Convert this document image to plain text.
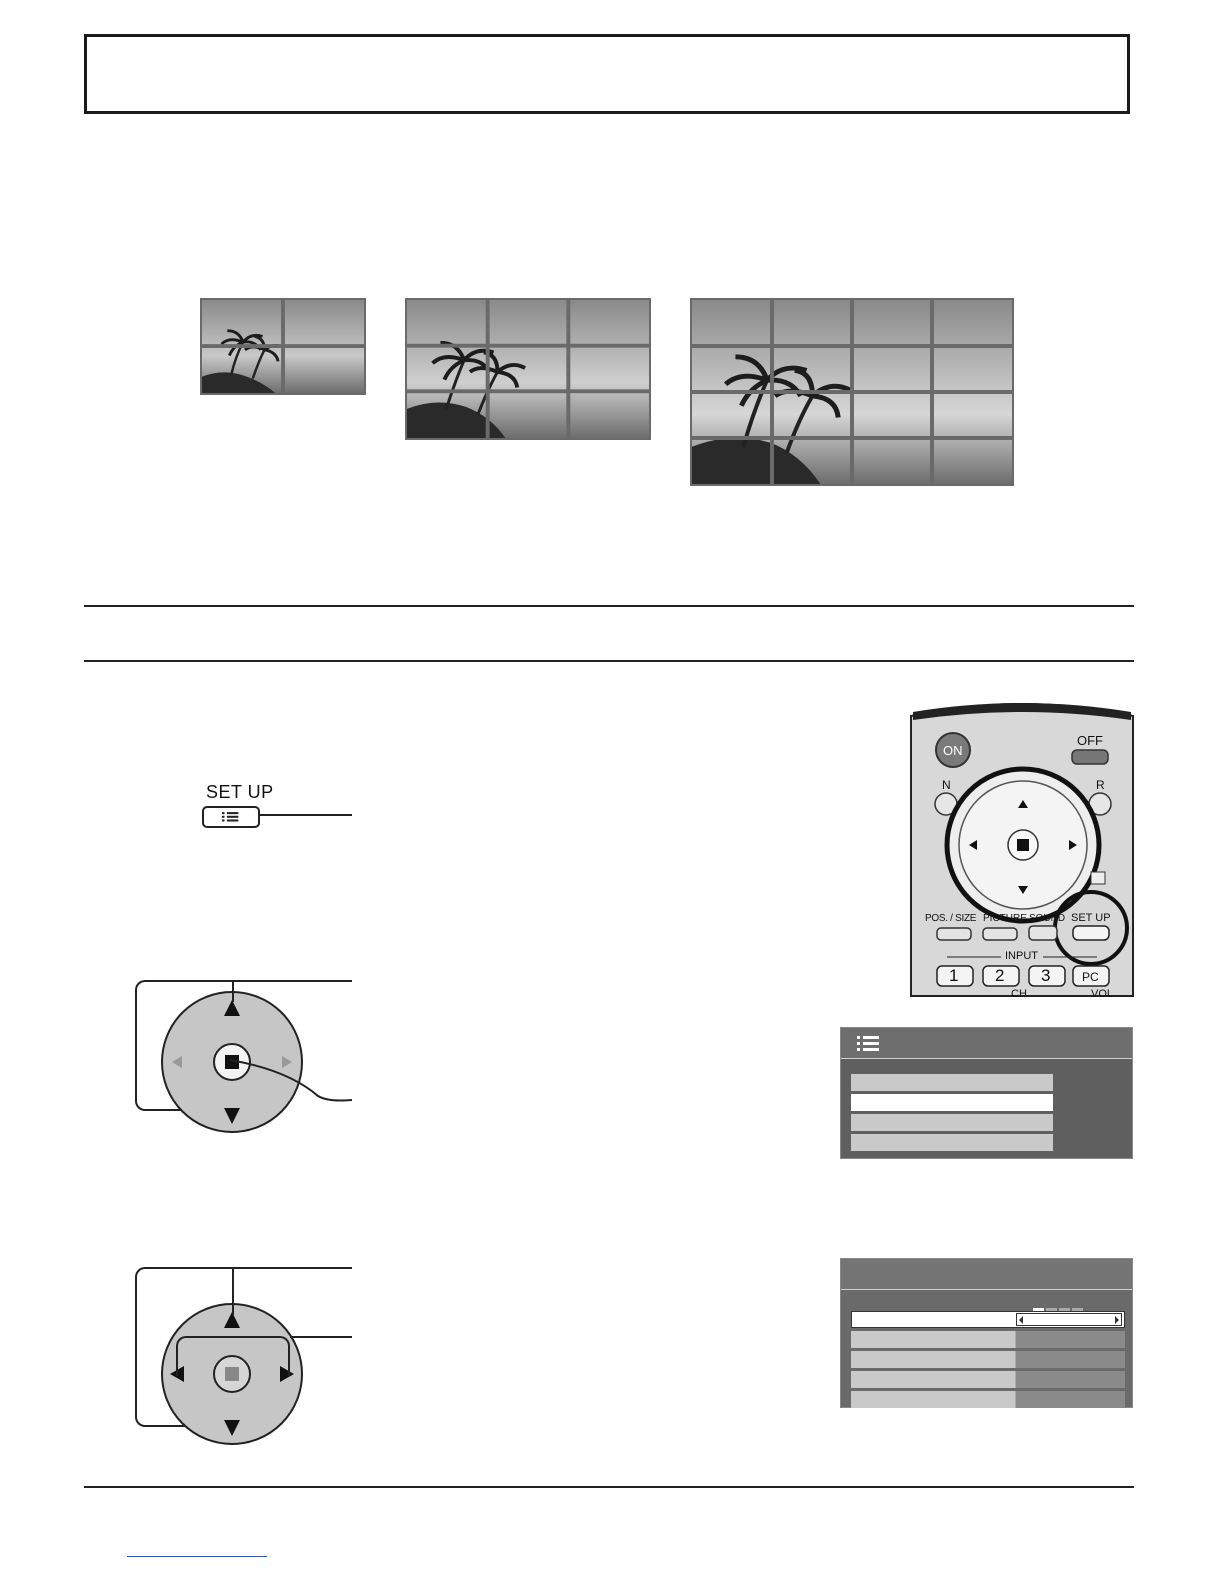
SET UP
ON
OFF
N	R
POS. / SIZE PICTURE SOUND SET UP
INPUT
1 2 3	PC
CH	VOL
